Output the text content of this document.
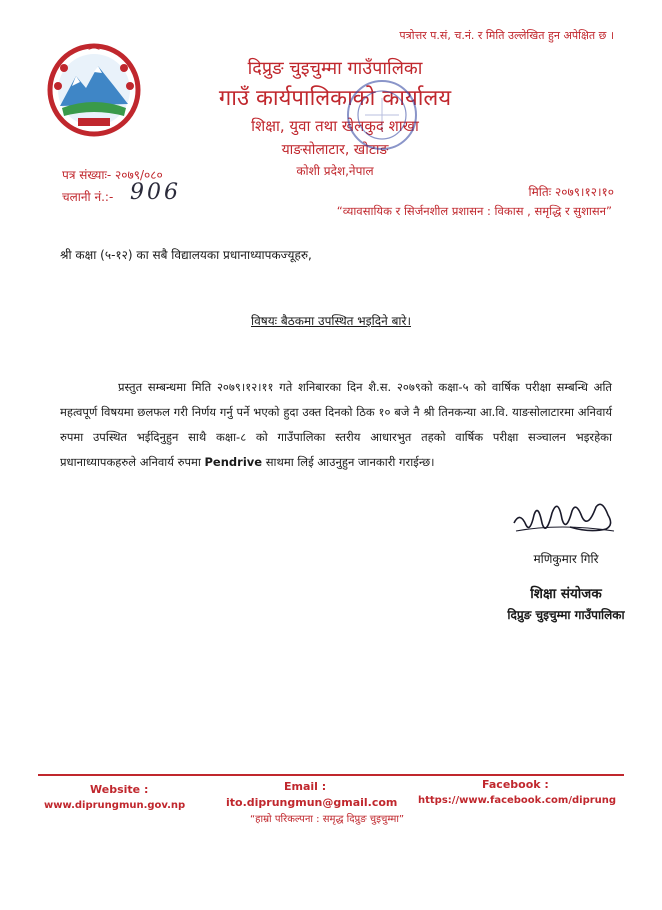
पत्रोत्तर प.सं, च.नं. र मिति उल्लेखित हुन अपेक्षित छ ।
दिप्रुङ चुइचुम्मा गाउँपालिका
गाउँ कार्यपालिकाको कार्यालय
शिक्षा, युवा तथा खेलकुद शाखा
याङसोलाटार, खोटाङ
कोशी प्रदेश,नेपाल
पत्र संख्याः- २०७९/०८०
चलानी नं.:- 906	मितिः २०७९।१२।१०
“व्यावसायिक र सिर्जनशील प्रशासन : विकास , समृद्धि र सुशासन”
श्री कक्षा (५-१२) का सबै विद्यालयका प्रधानाध्यापकज्यूहरु,
विषयः बैठकमा उपस्थित भइदिने बारे।
प्रस्तुत सम्बन्धमा मिति २०७९।१२।११ गते शनिबारका दिन शै.स. २०७९को कक्षा-५ को वार्षिक परीक्षा सम्बन्धि अति महत्वपूर्ण विषयमा छलफल गरी निर्णय गर्नु पर्ने भएको हुदा उक्त दिनको ठिक १० बजे नै श्री तिनकन्या आ.वि. याङसोलाटारमा अनिवार्य रुपमा उपस्थित भईदिनुहुन साथै कक्षा-८ को गाउँपालिका स्तरीय आधारभुत तहको वार्षिक परीक्षा सञ्चालन भइरहेका प्रधानाध्यापकहरुले अनिवार्य रुपमा Pendrive साथमा लिई आउनुहुन जानकारी गराईन्छ।
मणिकुमार गिरि
शिक्षा संयोजक
दिप्रुङ चुइचुम्मा गाउँपालिका
Website :
www.diprungmun.gov.np
Email :
ito.diprungmun@gmail.com
Facebook :
https://www.facebook.com/diprung
“हाम्रो परिकल्पना : समृद्ध दिप्रुङ चुइचुम्मा”
